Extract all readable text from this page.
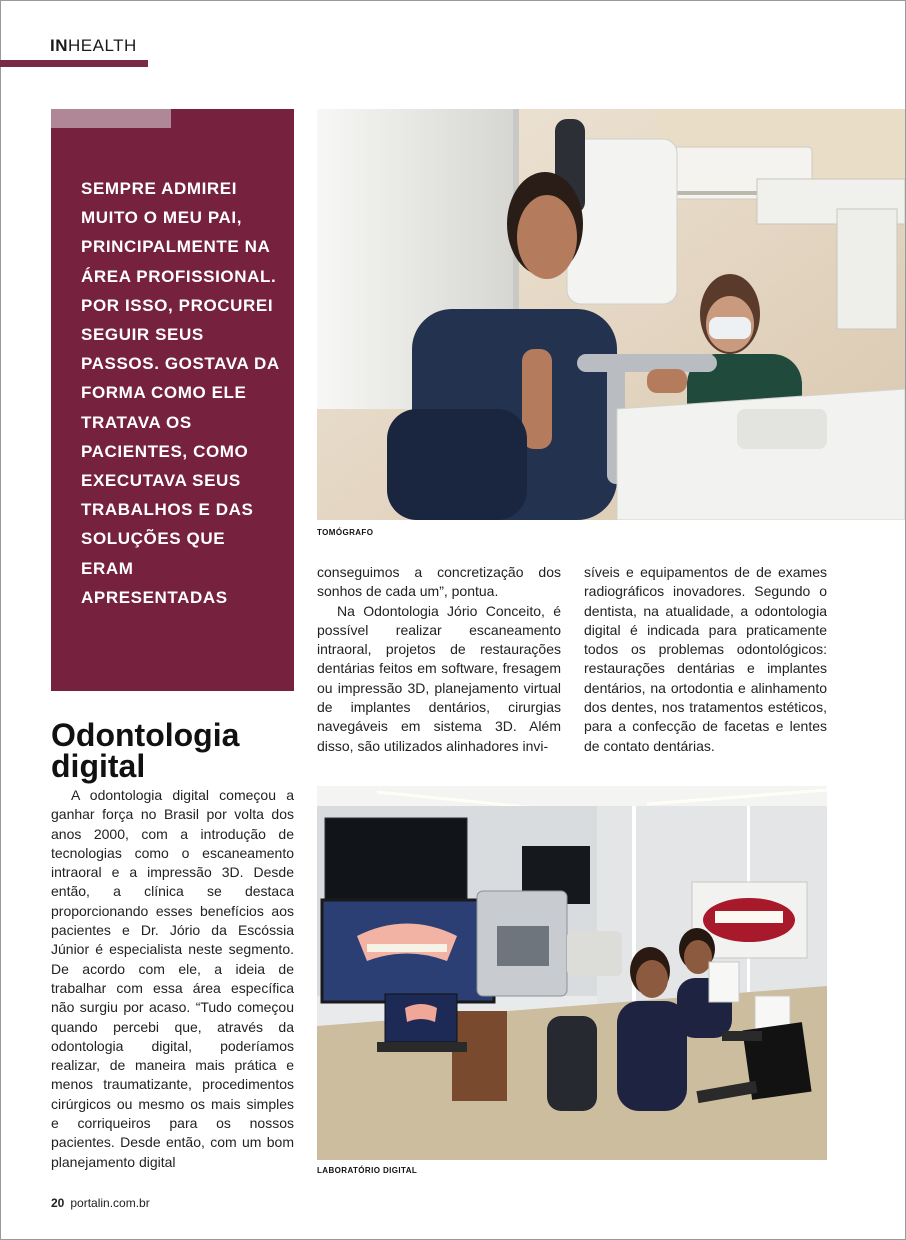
INHEALTH

SEMPRE ADMIREI MUITO O MEU PAI, PRINCIPALMENTE NA ÁREA PROFISSIONAL. POR ISSO, PROCUREI SEGUIR SEUS PASSOS. GOSTAVA DA FORMA COMO ELE TRATAVA OS PACIENTES, COMO EXECUTAVA SEUS TRABALHOS E DAS SOLUÇÕES QUE ERAM APRESENTADAS

TOMÓGRAFO

conseguimos a concretização dos sonhos de cada um”, pontua.

Na Odontologia Jório Conceito, é possível realizar escaneamento intraoral, projetos de restaurações dentárias feitos em software, fresagem ou impressão 3D, planejamento virtual de implantes dentários, cirurgias navegáveis em sistema 3D. Além disso, são utilizados alinhadores invi-

síveis e equipamentos de de exames radiográficos inovadores. Segundo o dentista, na atualidade, a odontologia digital é indicada para praticamente todos os problemas odontológicos: restaurações dentárias e implantes dentários, na ortodontia e alinhamento dos dentes, nos tratamentos estéticos, para a confecção de facetas e lentes de contato dentárias.

LABORATÓRIO DIGITAL
Odontologia digital

A odontologia digital começou a ganhar força no Brasil por volta dos anos 2000, com a introdução de tecnologias como o escaneamento intraoral e a impressão 3D. Desde então, a clínica se destaca proporcionando esses benefícios aos pacientes e Dr. Jório da Escóssia Júnior é especialista neste segmento. De acordo com ele, a ideia de trabalhar com essa área específica não surgiu por acaso. “Tudo começou quando percebi que, através da odontologia digital, poderíamos realizar, de maneira mais prática e menos traumatizante, procedimentos cirúrgicos ou mesmo os mais simples e corriqueiros para os nossos pacientes. Desde então, com um bom planejamento digital

20 portalin.com.br
